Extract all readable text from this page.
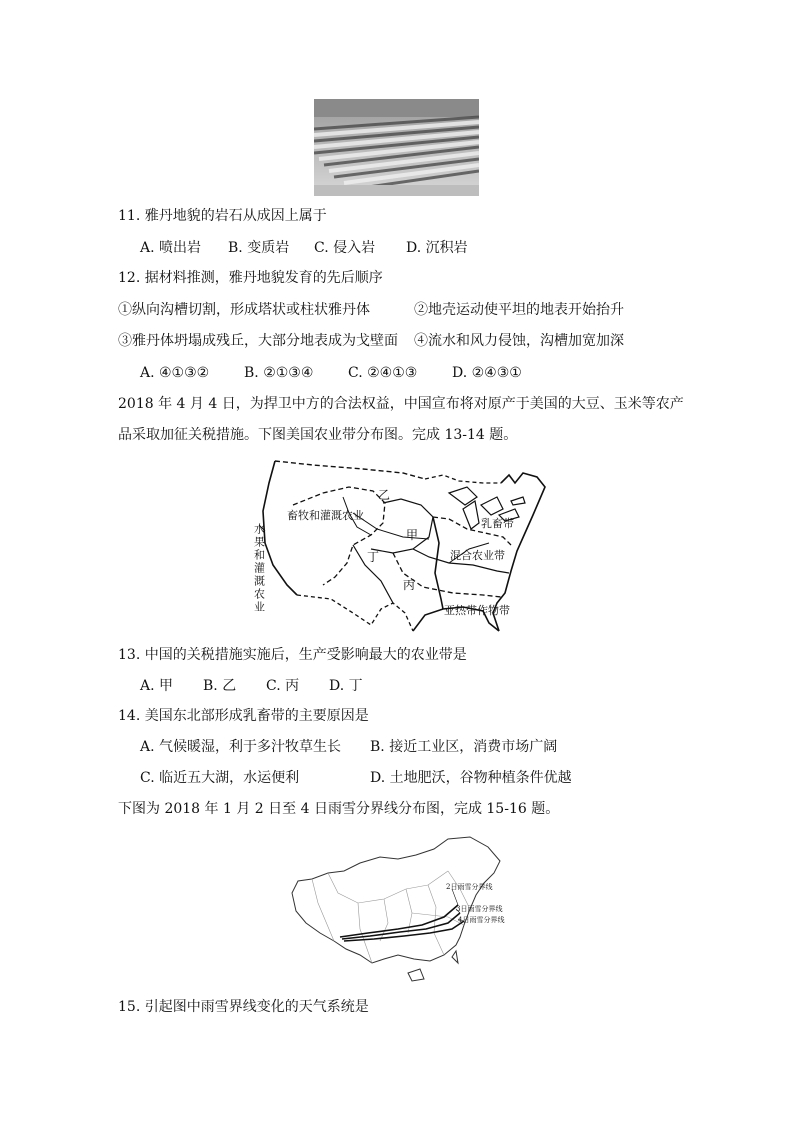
11. 雅丹地貌的岩石从成因上属于
A. 喷出岩 B. 变质岩 C. 侵入岩 D. 沉积岩
12. 据材料推测，雅丹地貌发育的先后顺序
①纵向沟槽切割，形成塔状或柱状雅丹体	②地壳运动使平坦的地表开始抬升
③雅丹体坍塌成残丘，大部分地表成为戈壁面 ④流水和风力侵蚀，沟槽加宽加深
A. ④①③② B. ②①③④ C. ②④①③ D. ②④③①
2018 年 4 月 4 日，为捍卫中方的合法权益，中国宣布将对原产于美国的大豆、玉米等农产
品采取加征关税措施。下图美国农业带分布图。完成 13-14 题。
畜牧和灌溉农业
水果和灌溉农业
乙
甲
丁
丙
乳畜带
混合农业带
亚热带作物带
13. 中国的关税措施实施后，生产受影响最大的农业带是
A. 甲 B. 乙 C. 丙 D. 丁
14. 美国东北部形成乳畜带的主要原因是
A. 气候暖湿，利于多汁牧草生长 B. 接近工业区，消费市场广阔
C. 临近五大湖，水运便利	D. 土地肥沃，谷物种植条件优越
下图为 2018 年 1 月 2 日至 4 日雨雪分界线分布图，完成 15-16 题。
2日雨雪分界线
3日雨雪分界线
4日雨雪分界线
15. 引起图中雨雪界线变化的天气系统是
